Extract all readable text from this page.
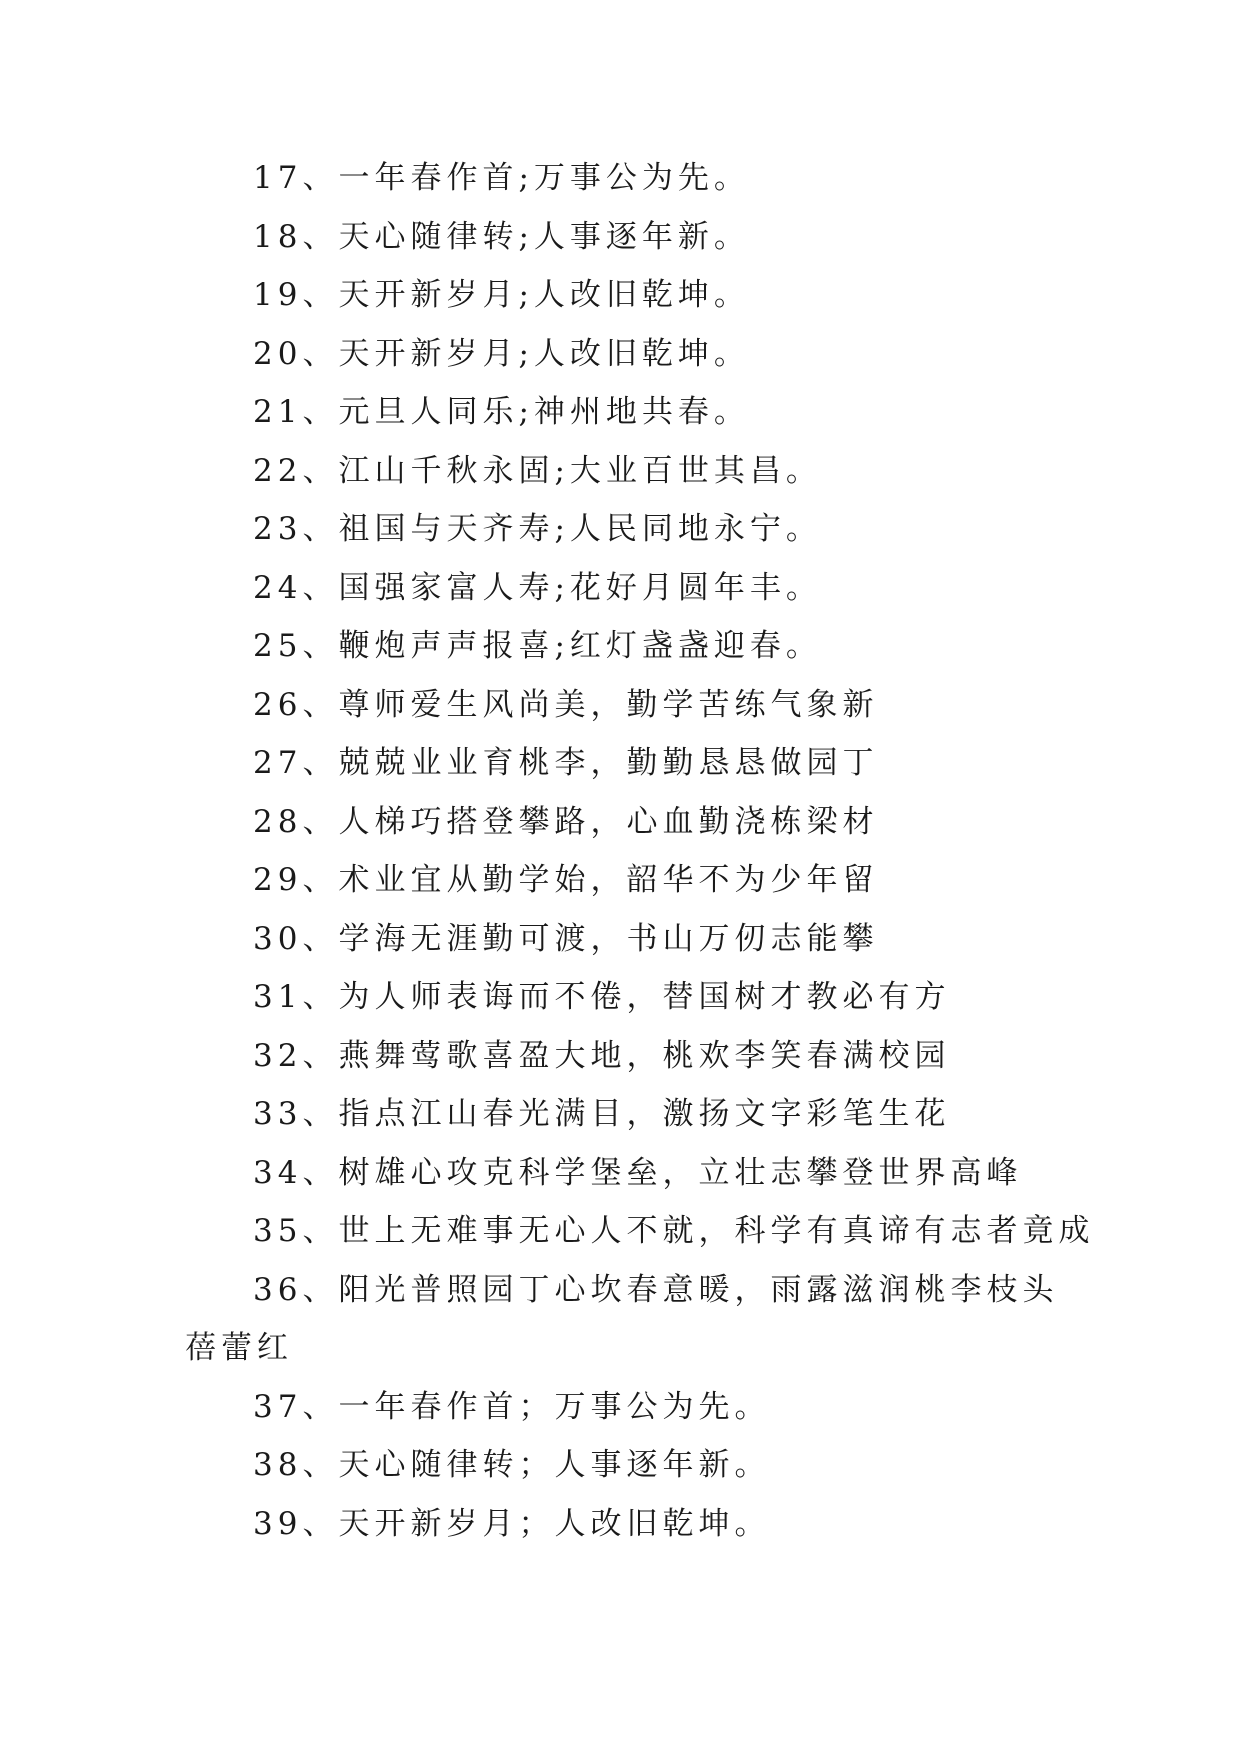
17、一年春作首;万事公为先。
18、天心随律转;人事逐年新。
19、天开新岁月;人改旧乾坤。
20、天开新岁月;人改旧乾坤。
21、元旦人同乐;神州地共春。
22、江山千秋永固;大业百世其昌。
23、祖国与天齐寿;人民同地永宁。
24、国强家富人寿;花好月圆年丰。
25、鞭炮声声报喜;红灯盏盏迎春。
26、尊师爱生风尚美，勤学苦练气象新
27、兢兢业业育桃李，勤勤恳恳做园丁
28、人梯巧搭登攀路，心血勤浇栋梁材
29、术业宜从勤学始，韶华不为少年留
30、学海无涯勤可渡，书山万仞志能攀
31、为人师表诲而不倦，替国树才教必有方
32、燕舞莺歌喜盈大地，桃欢李笑春满校园
33、指点江山春光满目，激扬文字彩笔生花
34、树雄心攻克科学堡垒，立壮志攀登世界高峰
35、世上无难事无心人不就，科学有真谛有志者竟成
36、阳光普照园丁心坎春意暖，雨露滋润桃李枝头蓓蕾红
37、一年春作首；万事公为先。
38、天心随律转；人事逐年新。
39、天开新岁月；人改旧乾坤。
